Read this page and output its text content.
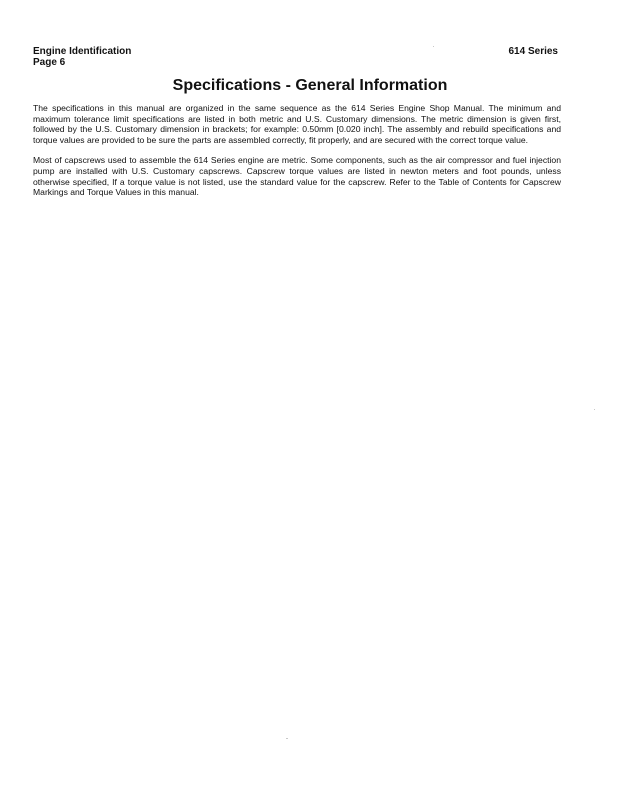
Engine Identification
Page 6
614 Series
Specifications - General Information

The specifications in this manual are organized in the same sequence as the 614 Series Engine Shop Manual. The minimum and maximum tolerance limit specifications are listed in both metric and U.S. Customary dimensions. The metric dimension is given first, followed by the U.S. Customary dimension in brackets; for example: 0.50mm [0.020 inch]. The assembly and rebuild specifications and torque values are provided to be sure the parts are assembled correctly, fit properly, and are secured with the correct torque value.

Most of capscrews used to assemble the 614 Series engine are metric. Some components, such as the air compressor and fuel injection pump are installed with U.S. Customary capscrews. Capscrew torque values are listed in newton meters and foot pounds, unless otherwise specified, If a torque value is not listed, use the standard value for the capscrew. Refer to the Table of Contents for Capscrew Markings and Torque Values in this manual.
